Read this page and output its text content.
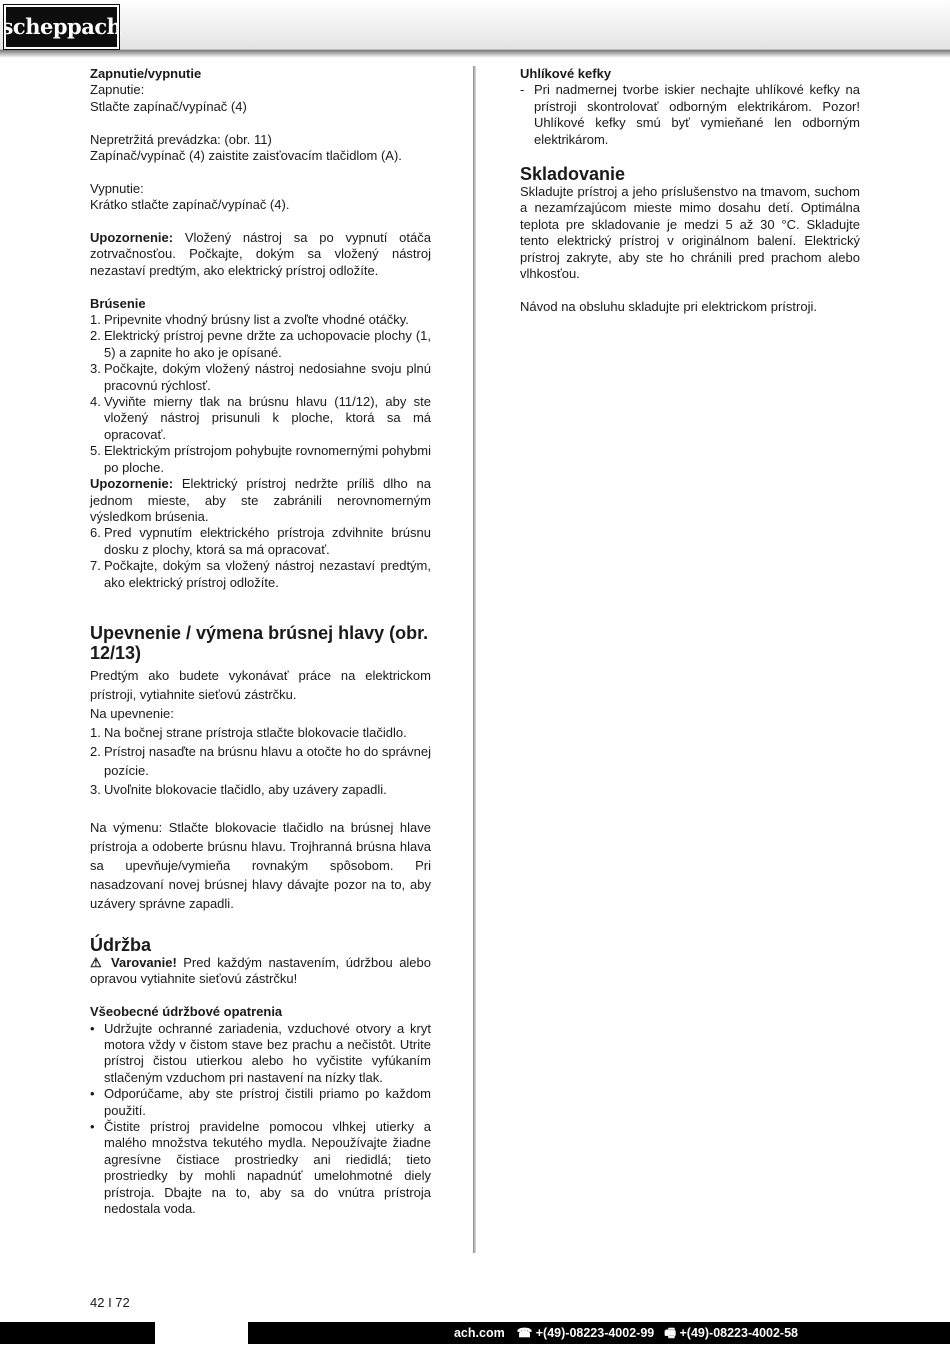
scheppach
Zapnutie/vypnutie

Zapnutie:

Stlačte zapínač/vypínač (4)

Nepretržitá prevádzka: (obr. 11)

Zapínač/vypínač (4) zaistite zaisťovacím tlačidlom (A).

Vypnutie:

Krátko stlačte zapínač/vypínač (4).

Upozornenie: Vložený nástroj sa po vypnutí otáča zotrvačnosťou. Počkajte, dokým sa vložený nástroj nezastaví predtým, ako elektrický prístroj odložíte.

Brúsenie
1. Pripevnite vhodný brúsny list a zvoľte vhodné otáčky.
2. Elektrický prístroj pevne držte za uchopovacie plochy (1, 5) a zapnite ho ako je opísané.
3. Počkajte, dokým vložený nástroj nedosiahne svoju plnú pracovnú rýchlosť.
4. Vyviňte mierny tlak na brúsnu hlavu (11/12), aby ste vložený nástroj prisunuli k ploche, ktorá sa má opracovať.
5. Elektrickým prístrojom pohybujte rovnomernými pohybmi po ploche.

Upozornenie: Elektrický prístroj nedržte príliš dlho na jednom mieste, aby ste zabránili nerovnomerným výsledkom brúsenia.

6. Pred vypnutím elektrického prístroja zdvihnite brúsnu dosku z plochy, ktorá sa má opracovať.
7. Počkajte, dokým sa vložený nástroj nezastaví predtým, ako elektrický prístroj odložíte.
Upevnenie / výmena brúsnej hlavy (obr. 12/13)

Predtým ako budete vykonávať práce na elektrickom prístroji, vytiahnite sieťovú zástrčku.

Na upevnenie:

1. Na bočnej strane prístroja stlačte blokovacie tlačidlo.
2. Prístroj nasaďte na brúsnu hlavu a otočte ho do správnej pozície.
3. Uvoľnite blokovacie tlačidlo, aby uzávery zapadli.

Na výmenu: Stlačte blokovacie tlačidlo na brúsnej hlave prístroja a odoberte brúsnu hlavu. Trojhranná brúsna hlava sa upevňuje/vymieňa rovnakým spôsobom. Pri nasadzovaní novej brúsnej hlavy dávajte pozor na to, aby uzávery správne zapadli.

Údržba

⚠ Varovanie! Pred každým nastavením, údržbou alebo opravou vytiahnite sieťovú zástrčku!

Všeobecné údržbové opatrenia
• Udržujte ochranné zariadenia, vzduchové otvory a kryt motora vždy v čistom stave bez prachu a nečistôt. Utrite prístroj čistou utierkou alebo ho vyčistite vyfúkaním stlačeným vzduchom pri nastavení na nízky tlak.
• Odporúčame, aby ste prístroj čistili priamo po každom použití.
• Čistite prístroj pravidelne pomocou vlhkej utierky a malého množstva tekutého mydla. Nepoužívajte žiadne agresívne čistiace prostriedky ani riedidlá; tieto prostriedky by mohli napadnúť umelohmotné diely prístroja. Dbajte na to, aby sa do vnútra prístroja nedostala voda.
Uhlíkové kefky
- Pri nadmernej tvorbe iskier nechajte uhlíkové kefky na prístroji skontrolovať odborným elektrikárom. Pozor! Uhlíkové kefky smú byť vymieňané len odborným elektrikárom.
Skladovanie

Skladujte prístroj a jeho príslušenstvo na tmavom, suchom a nezamŕzajúcom mieste mimo dosahu detí. Optimálna teplota pre skladovanie je medzi 5 až 30 °C. Skladujte tento elektrický prístroj v originálnom balení. Elektrický prístroj zakryte, aby ste ho chránili pred prachom alebo vlhkosťou.

Návod na obsluhu skladujte pri elektrickom prístroji.

42 I 72
ach.com ☎ +(49)-08223-4002-99 🖷 +(49)-08223-4002-58
